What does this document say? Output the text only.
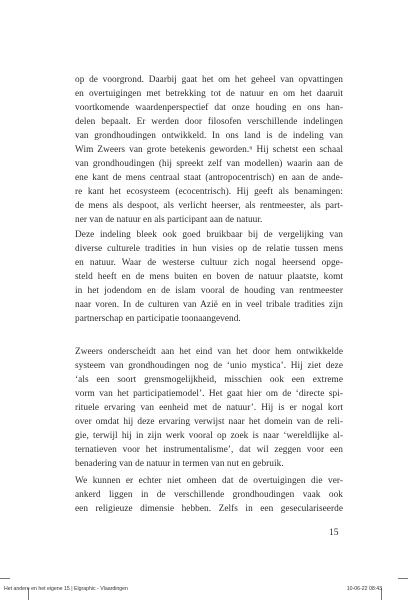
op de voorgrond. Daarbij gaat het om het geheel van opvattingen
en overtuigingen met betrekking tot de natuur en om het daaruit
voortkomende waardenperspectief dat onze houding en ons han-
delen bepaalt. Er werden door filosofen verschillende indelingen
van grondhoudingen ontwikkeld. In ons land is de indeling van
Wim Zweers van grote betekenis geworden.⁶ Hij schetst een schaal
van grondhoudingen (hij spreekt zelf van modellen) waarin aan de
ene kant de mens centraal staat (antropocentrisch) en aan de ande-
re kant het ecosysteem (ecocentrisch). Hij geeft als benamingen:
de mens als despoot, als verlicht heerser, als rentmeester, als part-
ner van de natuur en als participant aan de natuur.
Deze indeling bleek ook goed bruikbaar bij de vergelijking van
diverse culturele tradities in hun visies op de relatie tussen mens
en natuur. Waar de westerse cultuur zich nogal heersend opge-
steld heeft en de mens buiten en boven de natuur plaatste, komt
in het jodendom en de islam vooral de houding van rentmeester
naar voren. In de culturen van Azië en in veel tribale tradities zijn
partnerschap en participatie toonaangevend.
Zweers onderscheidt aan het eind van het door hem ontwikkelde
systeem van grondhoudingen nog de ‘unio mystica’. Hij ziet deze
‘als een soort grensmogelijkheid, misschien ook een extreme
vorm van het participatiemodel’. Het gaat hier om de ‘directe spi-
rituele ervaring van eenheid met de natuur’. Hij is er nogal kort
over omdat hij deze ervaring verwijst naar het domein van de reli-
gie, terwijl hij in zijn werk vooral op zoek is naar ‘wereldlijke al-
ternatieven voor het instrumentalisme’, dat wil zeggen voor een
benadering van de natuur in termen van nut en gebruik.
We kunnen er echter niet omheen dat de overtuigingen die ver-
ankerd liggen in de verschillende grondhoudingen vaak ook
een religieuze dimensie hebben. Zelfs in een geseculariseerde
15
Het andere en het eigene 15 | Elgraphic - Vlaardingen	10-06-22 08:43
